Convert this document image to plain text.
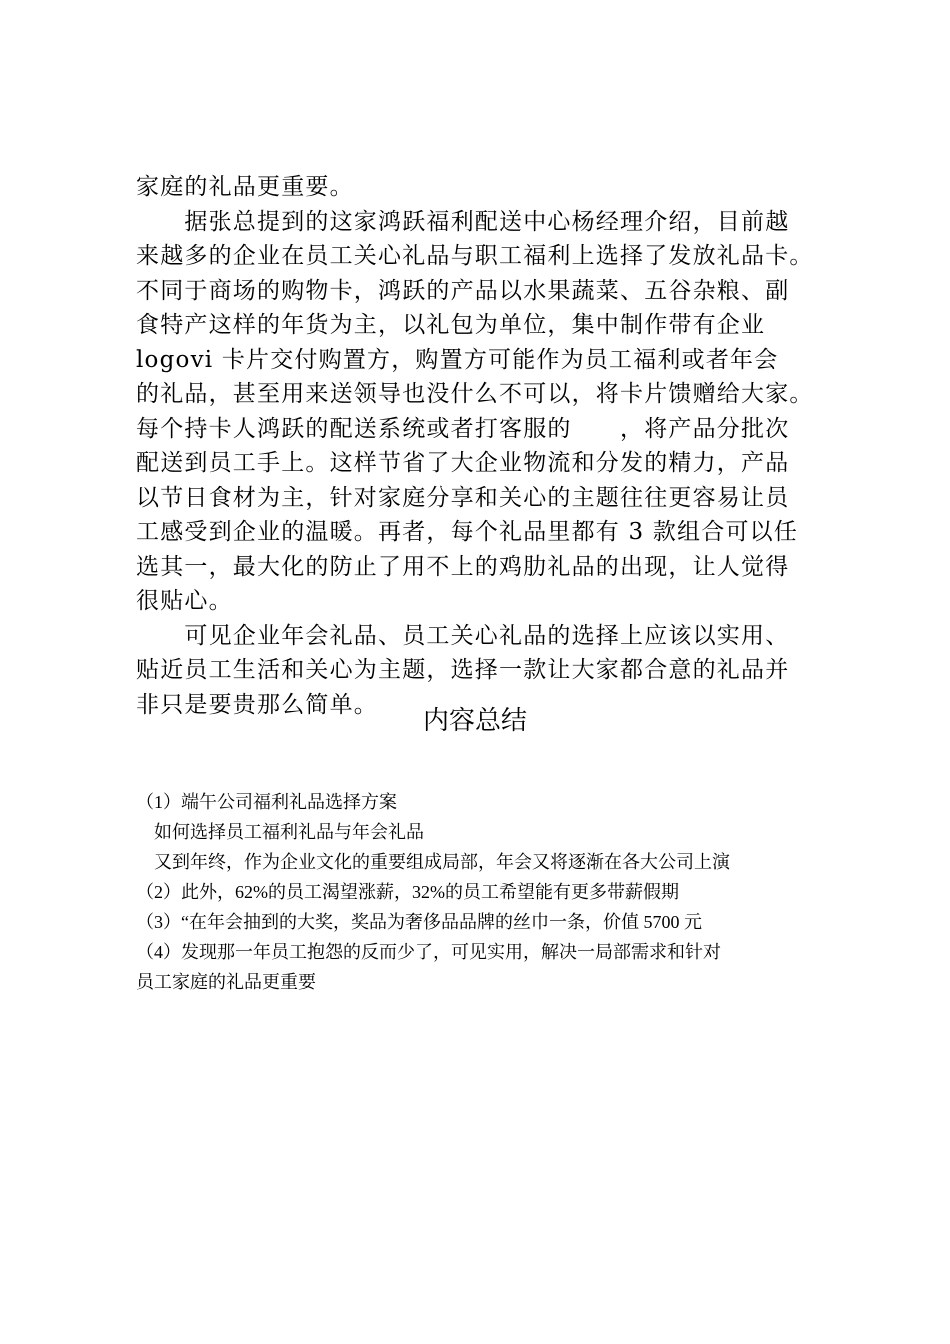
家庭的礼品更重要。
　　据张总提到的这家鸿跃福利配送中心杨经理介绍，目前越
来越多的企业在员工关心礼品与职工福利上选择了发放礼品卡。
不同于商场的购物卡，鸿跃的产品以水果蔬菜、五谷杂粮、副
食特产这样的年货为主，以礼包为单位，集中制作带有企业
logovi 卡片交付购置方，购置方可能作为员工福利或者年会
的礼品，甚至用来送领导也没什么不可以，将卡片馈赠给大家。
每个持卡人鸿跃的配送系统或者打客服的　　，将产品分批次
配送到员工手上。这样节省了大企业物流和分发的精力，产品
以节日食材为主，针对家庭分享和关心的主题往往更容易让员
工感受到企业的温暖。再者，每个礼品里都有 3 款组合可以任
选其一，最大化的防止了用不上的鸡肋礼品的出现，让人觉得
很贴心。
　　可见企业年会礼品、员工关心礼品的选择上应该以实用、
贴近员工生活和关心为主题，选择一款让大家都合意的礼品并
非只是要贵那么简单。
内容总结
（1）端午公司福利礼品选择方案
　如何选择员工福利礼品与年会礼品
　又到年终，作为企业文化的重要组成局部，年会又将逐渐在各大公司上演
（2）此外，62%的员工渴望涨薪，32%的员工希望能有更多带薪假期
（3）“在年会抽到的大奖，奖品为奢侈品品牌的丝巾一条，价值 5700 元
（4）发现那一年员工抱怨的反而少了，可见实用，解决一局部需求和针对
员工家庭的礼品更重要
